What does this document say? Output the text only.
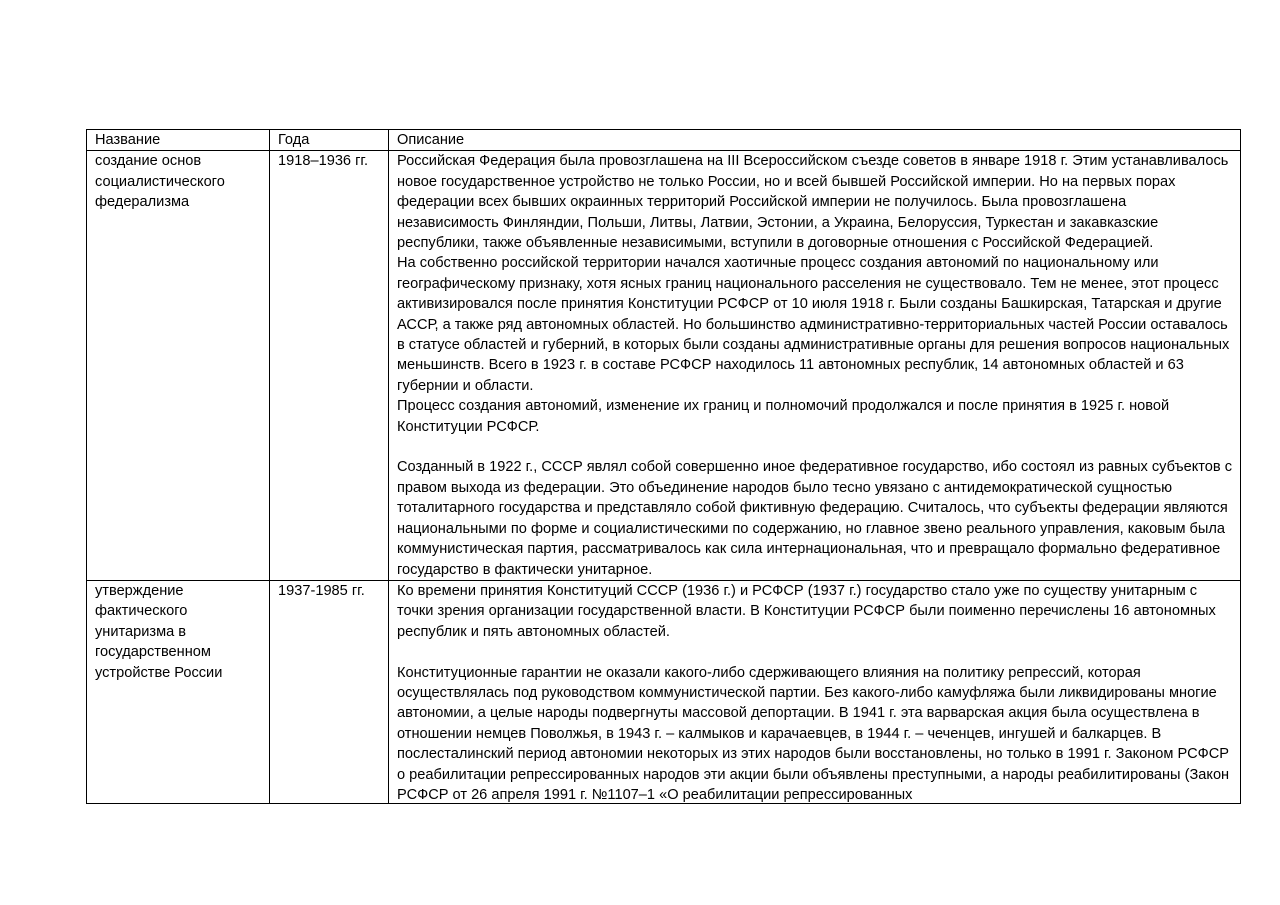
Название	Года	Описание
создание основ социалистического федерализма	1918–1936 гг.	Российская Федерация была провозглашена на III Всероссийском съезде советов в январе 1918 г. Этим устанавливалось новое государственное устройство не только России, но и всей бывшей Российской империи. Но на первых порах федерации всех бывших окраинных территорий Российской империи не получилось. Была провозглашена независимость Финляндии, Польши, Литвы, Латвии, Эстонии, а Украина, Белоруссия, Туркестан и закавказские республики, также объявленные независимыми, вступили в договорные отношения с Российской Федерацией.

На собственно российской территории начался хаотичные процесс создания автономий по национальному или географическому признаку, хотя ясных границ национального расселения не существовало. Тем не менее, этот процесс активизировался после принятия Конституции РСФСР от 10 июля 1918 г. Были созданы Башкирская, Татарская и другие АССР, а также ряд автономных областей. Но большинство административно-территориальных частей России оставалось в статусе областей и губерний, в которых были созданы административные органы для решения вопросов национальных меньшинств. Всего в 1923 г. в составе РСФСР находилось 11 автономных республик, 14 автономных областей и 63 губернии и области.

Процесс создания автономий, изменение их границ и полномочий продолжался и после принятия в 1925 г. новой Конституции РСФСР.

Созданный в 1922 г., СССР являл собой совершенно иное федеративное государство, ибо состоял из равных субъектов с правом выхода из федерации. Это объединение народов было тесно увязано с антидемократической сущностью тоталитарного государства и представляло собой фиктивную федерацию. Считалось, что субъекты федерации являются национальными по форме и социалистическими по содержанию, но главное звено реального управления, каковым была коммунистическая партия, рассматривалось как сила интернациональная, что и превращало формально федеративное государство в фактически унитарное.

утверждение фактического унитаризма в государственном устройстве России	1937-1985 гг.	Ко времени принятия Конституций СССР (1936 г.) и РСФСР (1937 г.) государство стало уже по существу унитарным с точки зрения организации государственной власти. В Конституции РСФСР были поименно перечислены 16 автономных республик и пять автономных областей.

Конституционные гарантии не оказали какого-либо сдерживающего влияния на политику репрессий, которая осуществлялась под руководством коммунистической партии. Без какого-либо камуфляжа были ликвидированы многие автономии, а целые народы подвергнуты массовой депортации. В 1941 г. эта варварская акция была осуществлена в отношении немцев Поволжья, в 1943 г. – калмыков и карачаевцев, в 1944 г. – чеченцев, ингушей и балкарцев. В послесталинский период автономии некоторых из этих народов были восстановлены, но только в 1991 г. Законом РСФСР о реабилитации репрессированных народов эти акции были объявлены преступными, а народы реабилитированы (Закон РСФСР от 26 апреля 1991 г. №1107–1 «О реабилитации репрессированных
